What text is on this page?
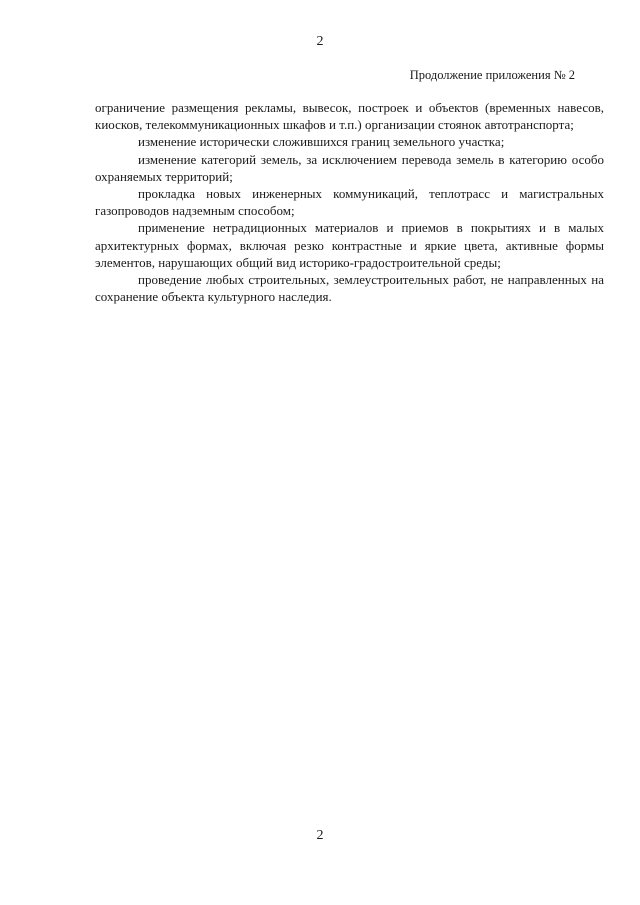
2
Продолжение приложения № 2

ограничение размещения рекламы, вывесок, построек и объектов (временных навесов, киосков, телекоммуникационных шкафов и т.п.) организации стоянок автотранспорта;

изменение исторически сложившихся границ земельного участка;

изменение категорий земель, за исключением перевода земель в категорию особо охраняемых территорий;

прокладка новых инженерных коммуникаций, теплотрасс и магистральных газопроводов надземным способом;

применение нетрадиционных материалов и приемов в покрытиях и в малых архитектурных формах, включая резко контрастные и яркие цвета, активные формы элементов, нарушающих общий вид историко-градостроительной среды;

проведение любых строительных, землеустроительных работ, не направленных на сохранение объекта культурного наследия.

2
